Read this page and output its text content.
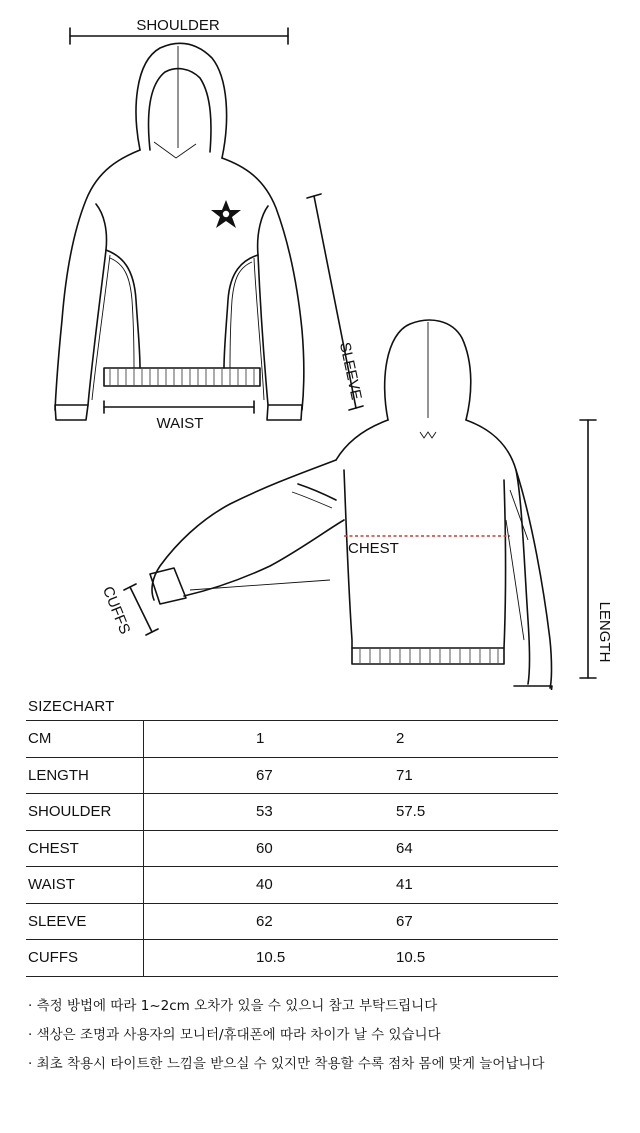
SHOULDER
WAIST
SLEEVE
CHEST
CUFFS	LENGTH
SIZECHART
CM	1	2
LENGTH	67	71
SHOULDER	53	57.5
CHEST	60	64
WAIST	40	41
SLEEVE	62	67
CUFFS	10.5	10.5
· 측정 방법에 따라 1~2cm 오차가 있을 수 있으니 참고 부탁드립니다
· 색상은 조명과 사용자의 모니터/휴대폰에 따라 차이가 날 수 있습니다
· 최초 착용시 타이트한 느낌을 받으실 수 있지만 착용할 수록 점차 몸에 맞게 늘어납니다
